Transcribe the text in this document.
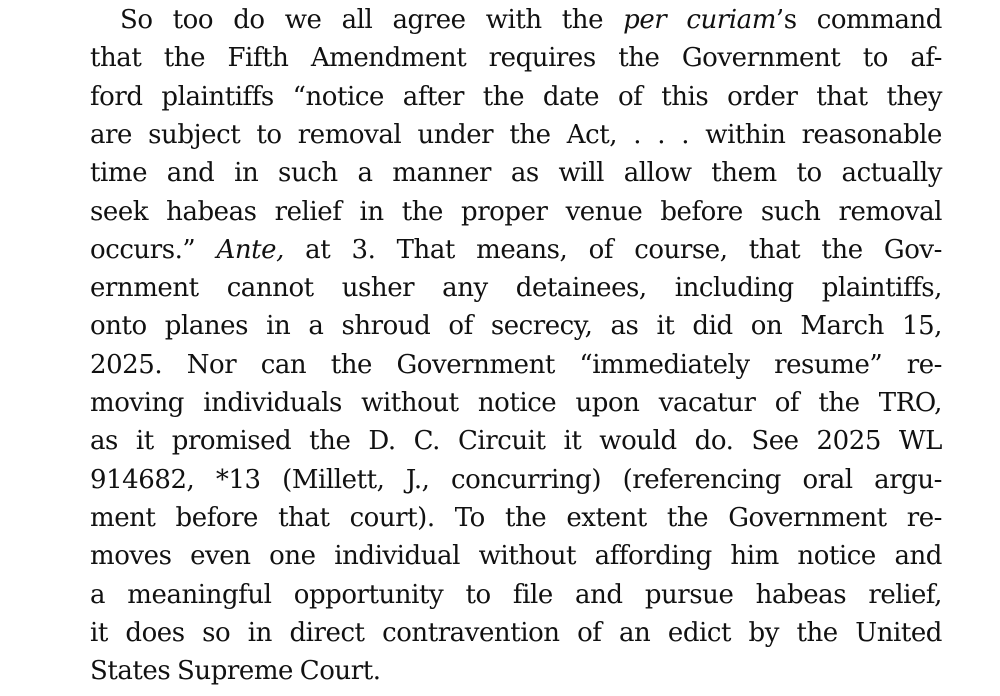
So too do we all agree with the per curiam’s command
that the Fifth Amendment requires the Government to af-
ford plaintiffs “notice after the date of this order that they
are subject to removal under the Act, . . . within reasonable
time and in such a manner as will allow them to actually
seek habeas relief in the proper venue before such removal
occurs.” Ante, at 3. That means, of course, that the Gov-
ernment cannot usher any detainees, including plaintiffs,
onto planes in a shroud of secrecy, as it did on March 15,
2025. Nor can the Government “immediately resume” re-
moving individuals without notice upon vacatur of the TRO,
as it promised the D. C. Circuit it would do. See 2025 WL
914682, *13 (Millett, J., concurring) (referencing oral argu-
ment before that court). To the extent the Government re-
moves even one individual without affording him notice and
a meaningful opportunity to file and pursue habeas relief,
it does so in direct contravention of an edict by the United
States Supreme Court.
